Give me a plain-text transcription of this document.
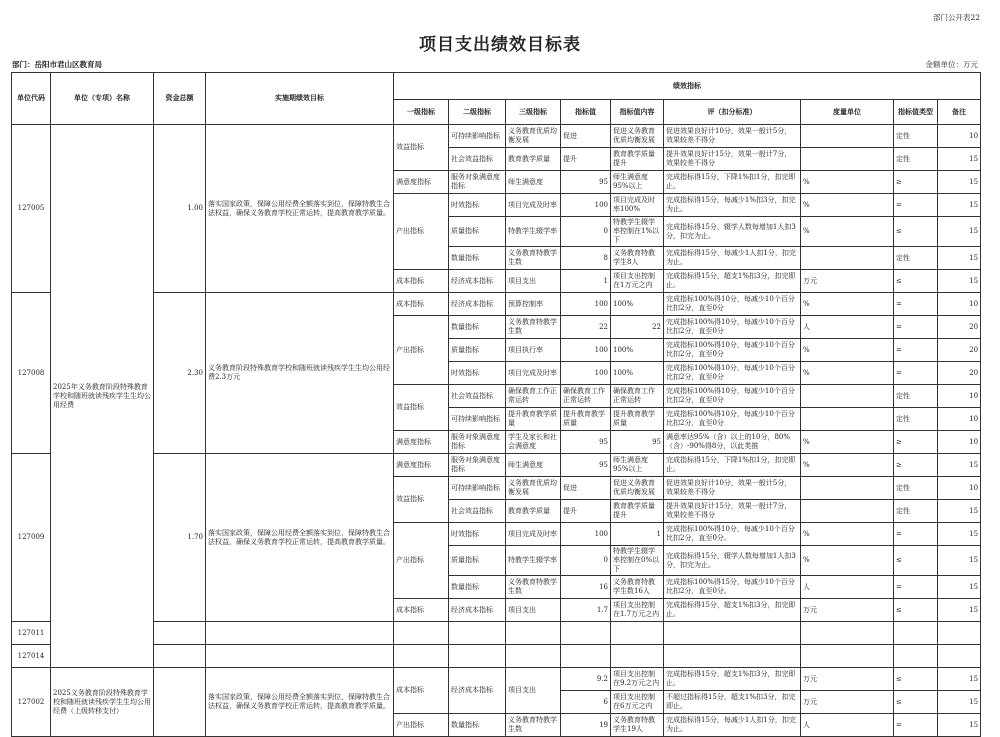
部门公开表22
项目支出绩效目标表
部门：岳阳市君山区教育局	金额单位：万元
单位代码	单位（专项）名称	资金总额	实施期绩效目标	绩效指标								
				一级指标	二级指标	三级指标	指标值	指标值内容	评（扣分标准）	度量单位	指标值类型	备注
127005	2025年义务教育阶段特殊教育学校和随班就读残疾学生生均公用经费	1.00	落实国家政策，保障公用经费全额落实到位，保障特教生合法权益，确保义务教育学校正常运转，提高教育教学质量。	效益指标	可持续影响指标	义务教育优质均衡发展	促进	促进义务教育优质均衡发展	促进效果良好计10分，效果一般计5分，效果较差不得分		定性	10
					社会效益指标	教育教学质量	提升	教育教学质量提升	提升效果良好计15分，效果一般计7分，效果较差不得分		定性	15
				满意度指标	服务对象满意度指标	师生满意度	95	师生满意度95%以上	完成指标得15分，下降1%扣1分，扣完即止。	%	≥	15
				产出指标	时效指标	项目完成及时率	100	项目完成及时率100%	完成指标得15分，每减少1%扣3分，扣完为止。	%	=	15
					质量指标	特教学生辍学率	0	特教学生辍学率控制在1%以下	完成指标得15分，辍学人数每增加1人扣3分，扣完为止。	%	≤	15
					数量指标	义务教育特教学生数	8	义务教育特教学生8人	完成指标得15分，每减少1人扣1分，扣完为止。		定性	15
				成本指标	经济成本指标	项目支出	1	项目支出控制在1万元之内	完成指标得15分，超支1%扣3分，扣完即止。	万元	≤	15
127008		2.30	义务教育阶段特殊教育学校和随班就读残疾学生生均公用经费2.3万元	成本指标	经济成本指标	预算控制率	100	100%	完成指标100%得10分，每减少10个百分比扣2分，直至0分	%	=	10
				产出指标	数量指标	义务教育特教学生数	22	22	完成指标100%得10分，每减少10个百分比扣2分，直至0分	人	=	20
					质量指标	项目执行率	100	100%	完成指标100%得10分，每减少10个百分比扣2分，直至0分	%	=	20
					时效指标	项目完成及时率	100	100%	完成指标100%得10分，每减少10个百分比扣2分，直至0分	%	=	20
				效益指标	社会效益指标	确保教育工作正常运转	确保教育工作正常运转	确保教育工作正常运转	完成指标100%得10分，每减少10个百分比扣2分，直至0分		定性	10
					可持续影响指标	提升教育教学质量	提升教育教学质量	提升教育教学质量	完成指标100%得10分，每减少10个百分比扣2分，直至0分		定性	10
				满意度指标	服务对象满意度指标	学生及家长和社会满意度	95	95	满意率达95%（含）以上的10分，80%（含）-90%得8分，以此类推	%	≥	10
127009		1.70	落实国家政策，保障公用经费全额落实到位，保障特教生合法权益，确保义务教育学校正常运转，提高教育教学质量。	满意度指标	服务对象满意度指标	师生满意度	95	师生满意度95%以上	完成指标得15分，下降1%扣1分，扣完即止。	%	≥	15
				效益指标	可持续影响指标	义务教育优质均衡发展	促进	促进义务教育优质均衡发展	促进效果良好计10分，效果一般计5分，效果较差不得分		定性	10
					社会效益指标	教育教学质量	提升	教育教学质量提升	提升效果良好计15分，效果一般计7分，效果较差不得分		定性	15
				产出指标	时效指标	项目完成及时率	100	1	完成指标100%得10分，每减少10个百分比扣2分，直至0分。	%	=	15
					质量指标	特教学生辍学率	0	特教学生辍学率控制在0%以下	完成指标得15分，辍学人数每增加1人扣3分，扣完为止。	%	≤	15
					数量指标	义务教育特教学生数	16	义务教育特教学生数16人	完成指标100%得15分，每减少10个百分比扣2分，直至0分。	人	=	15
				成本指标	经济成本指标	项目支出	1.7	项目支出控制在1.7万元之内	完成指标得15分，超支1%扣3分，扣完即止。	万元	≤	15
127011												
127014												
127002	2025义务教育阶段特殊教育学校和随班就读残疾学生生均公用经费（上级转移支付）		落实国家政策，保障公用经费全额落实到位，保障特教生合法权益，确保义务教育学校正常运转，提高教育教学质量。	成本指标	经济成本指标	项目支出	9.2	项目支出控制在9.2万元之内	完成指标得15分，超支1%扣3分，扣完即止。	万元	≤	15
							6	项目支出控制在6万元之内	不超过指标得15分，超支1%扣3分，扣完即止。	万元	≤	15
				产出指标	数量指标	义务教育特教学生数	19	义务教育特教学生19人	完成指标得15分，每减少1人扣1分，扣完为止。	人	=	15
